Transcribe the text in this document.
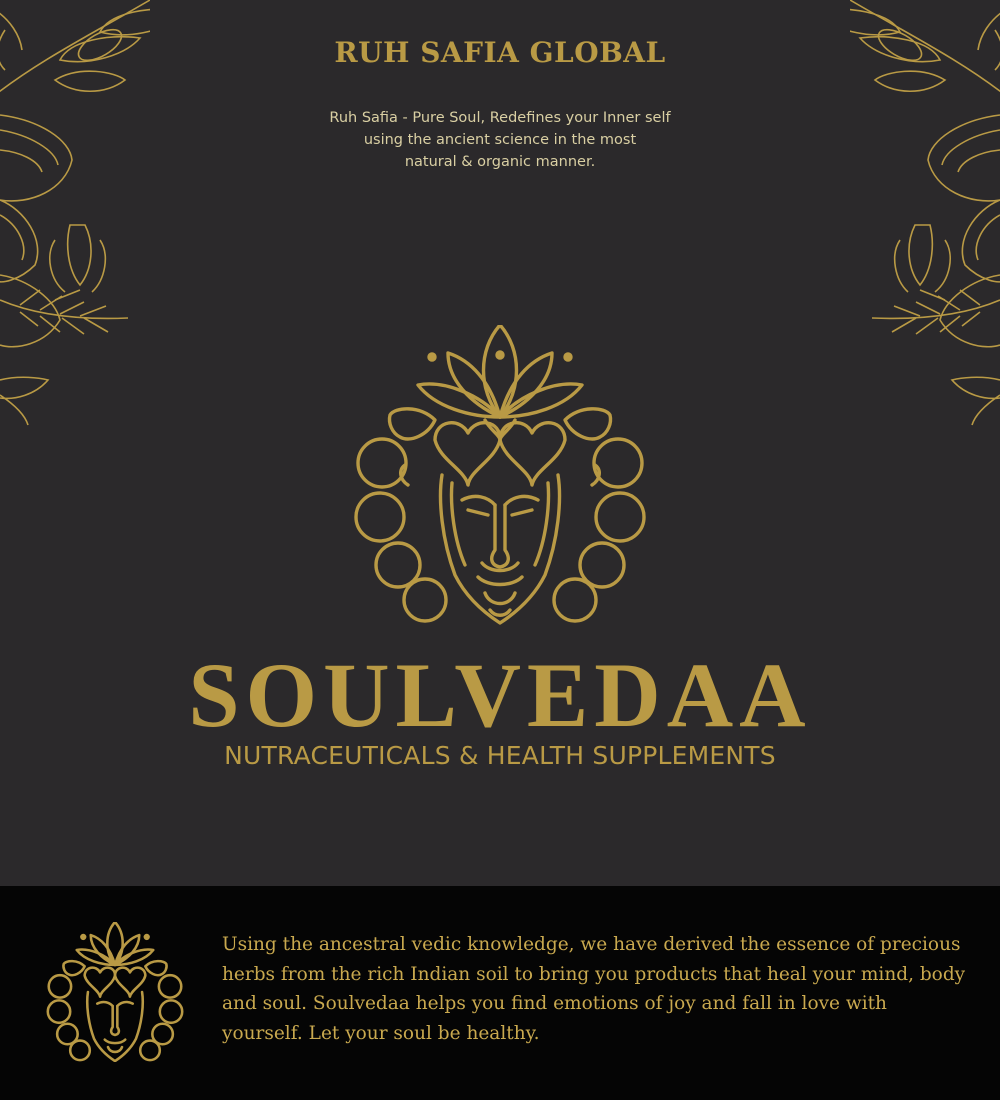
RUH SAFIA GLOBAL

Ruh Safia - Pure Soul, Redefines your Inner self
using the ancient science in the most
natural & organic manner.

SOULVEDAA
NUTRACEUTICALS & HEALTH SUPPLEMENTS

Using the ancestral vedic knowledge, we have derived the essence of precious herbs from the rich Indian soil to bring you products that heal your mind, body and soul. Soulvedaa helps you find emotions of joy and fall in love with yourself. Let your soul be healthy.
